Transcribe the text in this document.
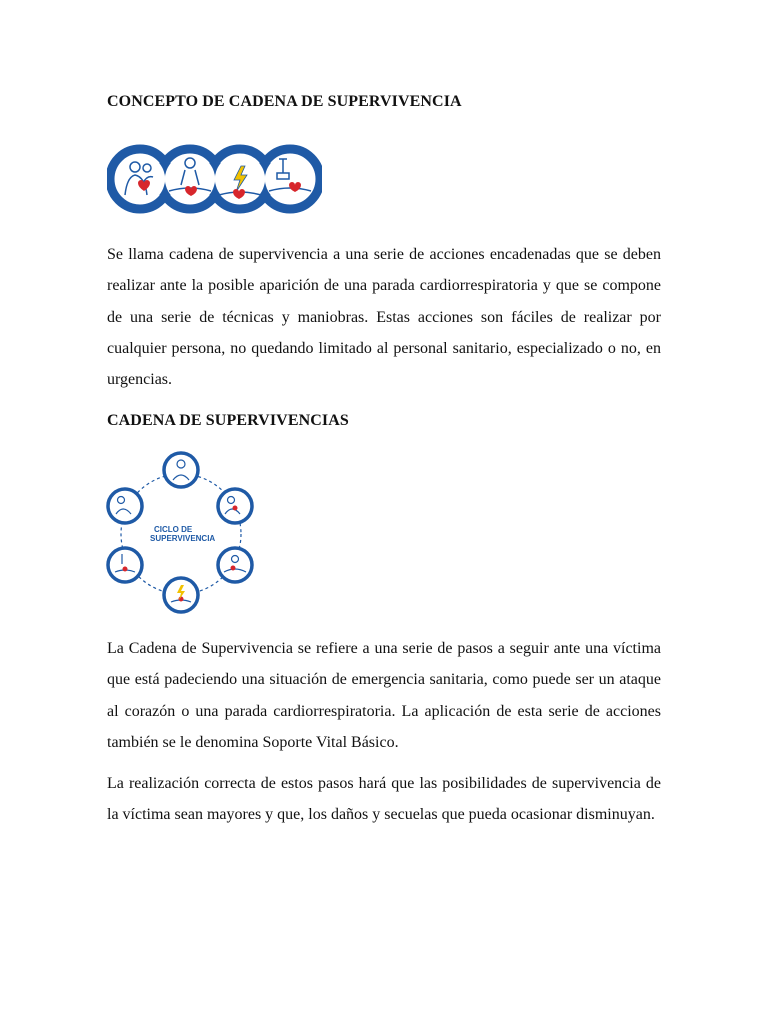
CONCEPTO DE CADENA DE SUPERVIVENCIA

Se llama cadena de supervivencia a una serie de acciones encadenadas que se deben realizar ante la posible aparición de una parada cardiorrespiratoria y que se compone de una serie de técnicas y maniobras. Estas acciones son fáciles de realizar por cualquier persona, no quedando limitado al personal sanitario, especializado o no, en urgencias.

CADENA DE SUPERVIVENCIAS
CICLO DE
SUPERVIVENCIA

La Cadena de Supervivencia se refiere a una serie de pasos a seguir ante una víctima que está padeciendo una situación de emergencia sanitaria, como puede ser un ataque al corazón o una parada cardiorrespiratoria. La aplicación de esta serie de acciones también se le denomina Soporte Vital Básico.

La realización correcta de estos pasos hará que las posibilidades de supervivencia de la víctima sean mayores y que, los daños y secuelas que pueda ocasionar disminuyan.
